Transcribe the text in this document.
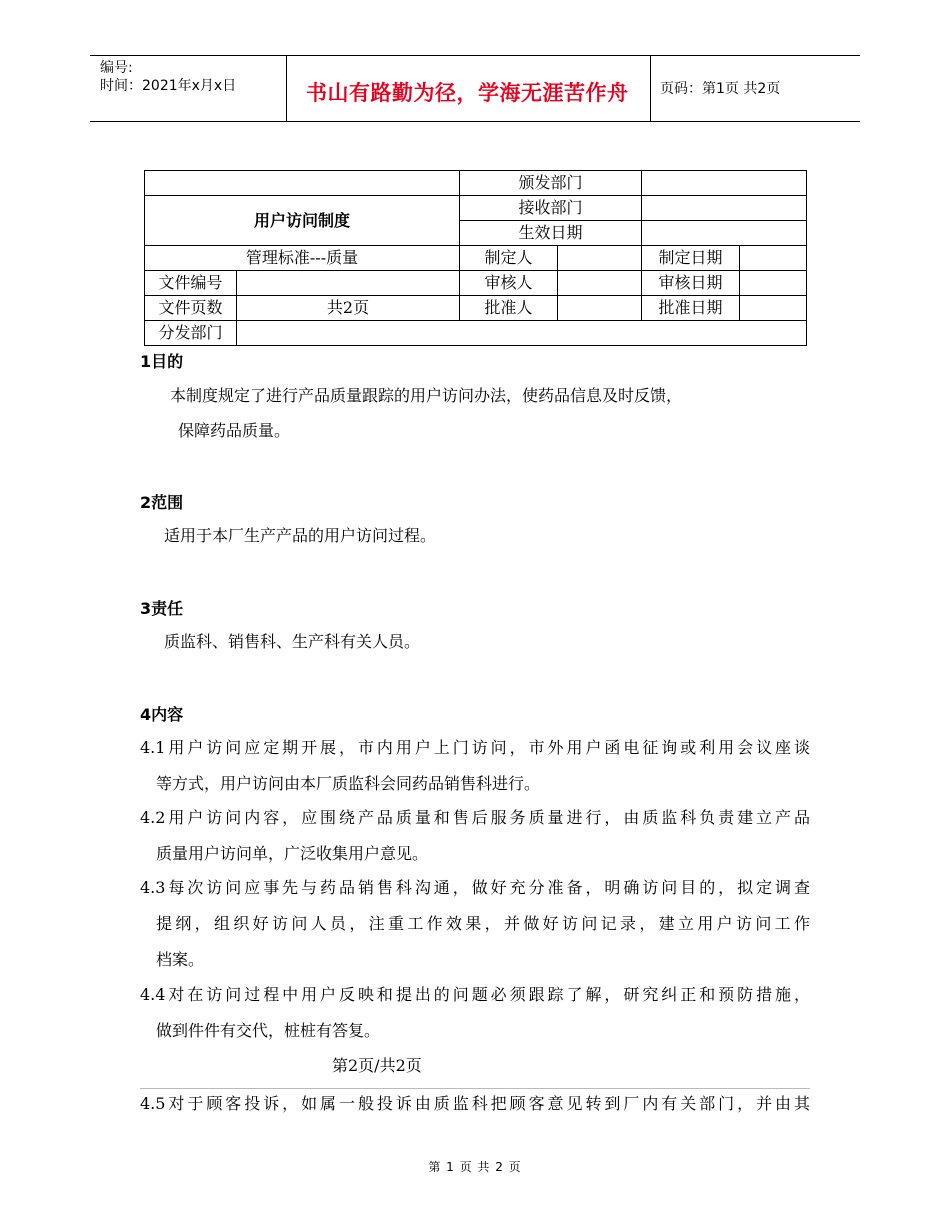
编号:
时间：2021年x月x日	书山有路勤为径，学海无涯苦作舟 页码：第1页 共2页
		颁发部门			
用户访问制度		接收部门			
		生效日期			
管理标准---质量		制定人		制定日期	
文件编号		审核人		审核日期	
文件页数	共2页	批准人		批准日期	
分发部门					
1目的
本制度规定了进行产品质量跟踪的用户访问办法，使药品信息及时反馈，
保障药品质量。
2范围
适用于本厂生产产品的用户访问过程。
3责任
质监科、销售科、生产科有关人员。
4内容
4.1用户访问应定期开展，市内用户上门访问，市外用户函电征询或利用会议座谈
等方式，用户访问由本厂质监科会同药品销售科进行。
4.2用户访问内容，应围绕产品质量和售后服务质量进行，由质监科负责建立产品
质量用户访问单，广泛收集用户意见。
4.3每次访问应事先与药品销售科沟通，做好充分准备，明确访问目的，拟定调查
提纲，组织好访问人员，注重工作效果，并做好访问记录，建立用户访问工作
档案。
4.4对在访问过程中用户反映和提出的问题必须跟踪了解，研究纠正和预防措施，
做到件件有交代，桩桩有答复。
第2页/共2页
4.5对于顾客投诉，如属一般投诉由质监科把顾客意见转到厂内有关部门，并由其
第 1 页 共 2 页
